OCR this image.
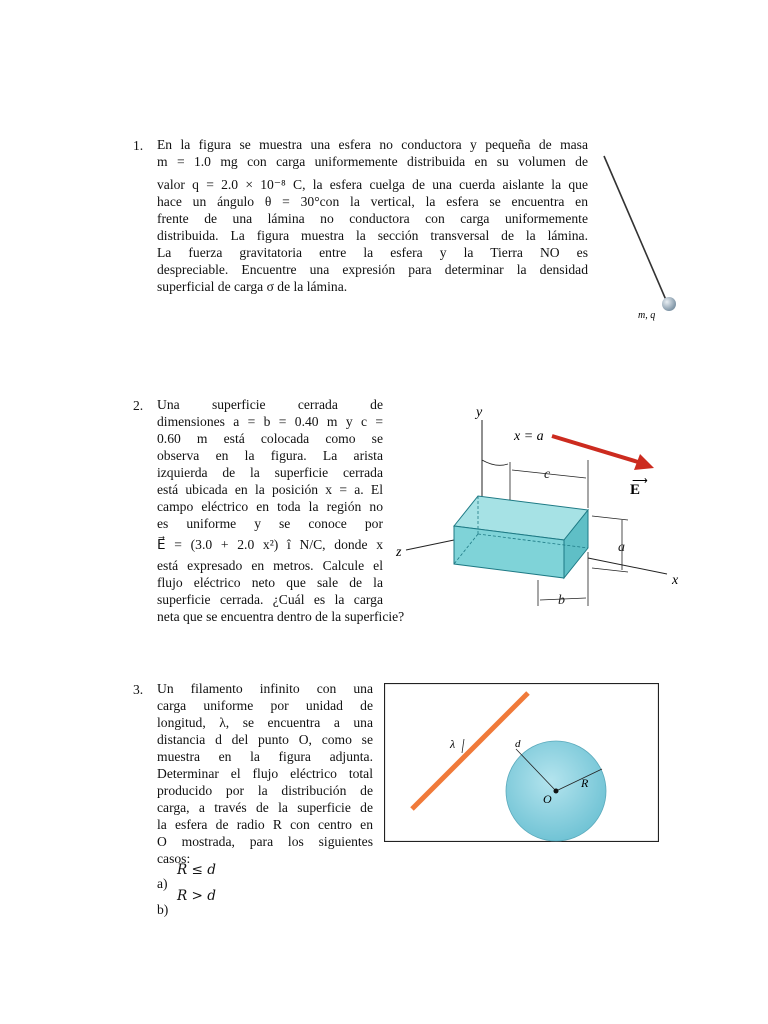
1. En la figura se muestra una esfera no conductora y pequeña de masa
m = 1.0 mg con carga uniformemente distribuida en su volumen de
valor q = 2.0 × 10⁻⁸ C, la esfera cuelga de una cuerda aislante la que
hace un ángulo θ = 30°con la vertical, la esfera se encuentra en
frente de una lámina no conductora con carga uniformemente
distribuida. La figura muestra la sección transversal de la lámina.
La fuerza gravitatoria entre la esfera y la Tierra NO es
despreciable. Encuentre una expresión para determinar la densidad
superficial de carga σ de la lámina.
m, q
2. Una superficie cerrada de
dimensiones a = b = 0.40 m y c =
0.60 m está colocada como se
observa en la figura. La arista
izquierda de la superficie cerrada
está ubicada en la posición x = a. El
campo eléctrico en toda la región no
es uniforme y se conoce por
E⃗ = (3.0 + 2.0 x²) î N/C, donde x
está expresado en metros. Calcule el
flujo eléctrico neto que sale de la
superficie cerrada. ¿Cuál es la carga
neta que se encuentra dentro de la superficie?
y
z
x
x = a
c
E
⟶
a
b
3. Un filamento infinito con una
carga uniforme por unidad de
longitud, λ, se encuentra a una
distancia d del punto O, como se
muestra en la figura adjunta.
Determinar el flujo eléctrico total
producido por la distribución de
carga, a través de la superficie de
la esfera de radio R con centro en
O mostrada, para los siguientes
casos:
a)
R ≤ d
b)
R > d
λ	d
R
O
